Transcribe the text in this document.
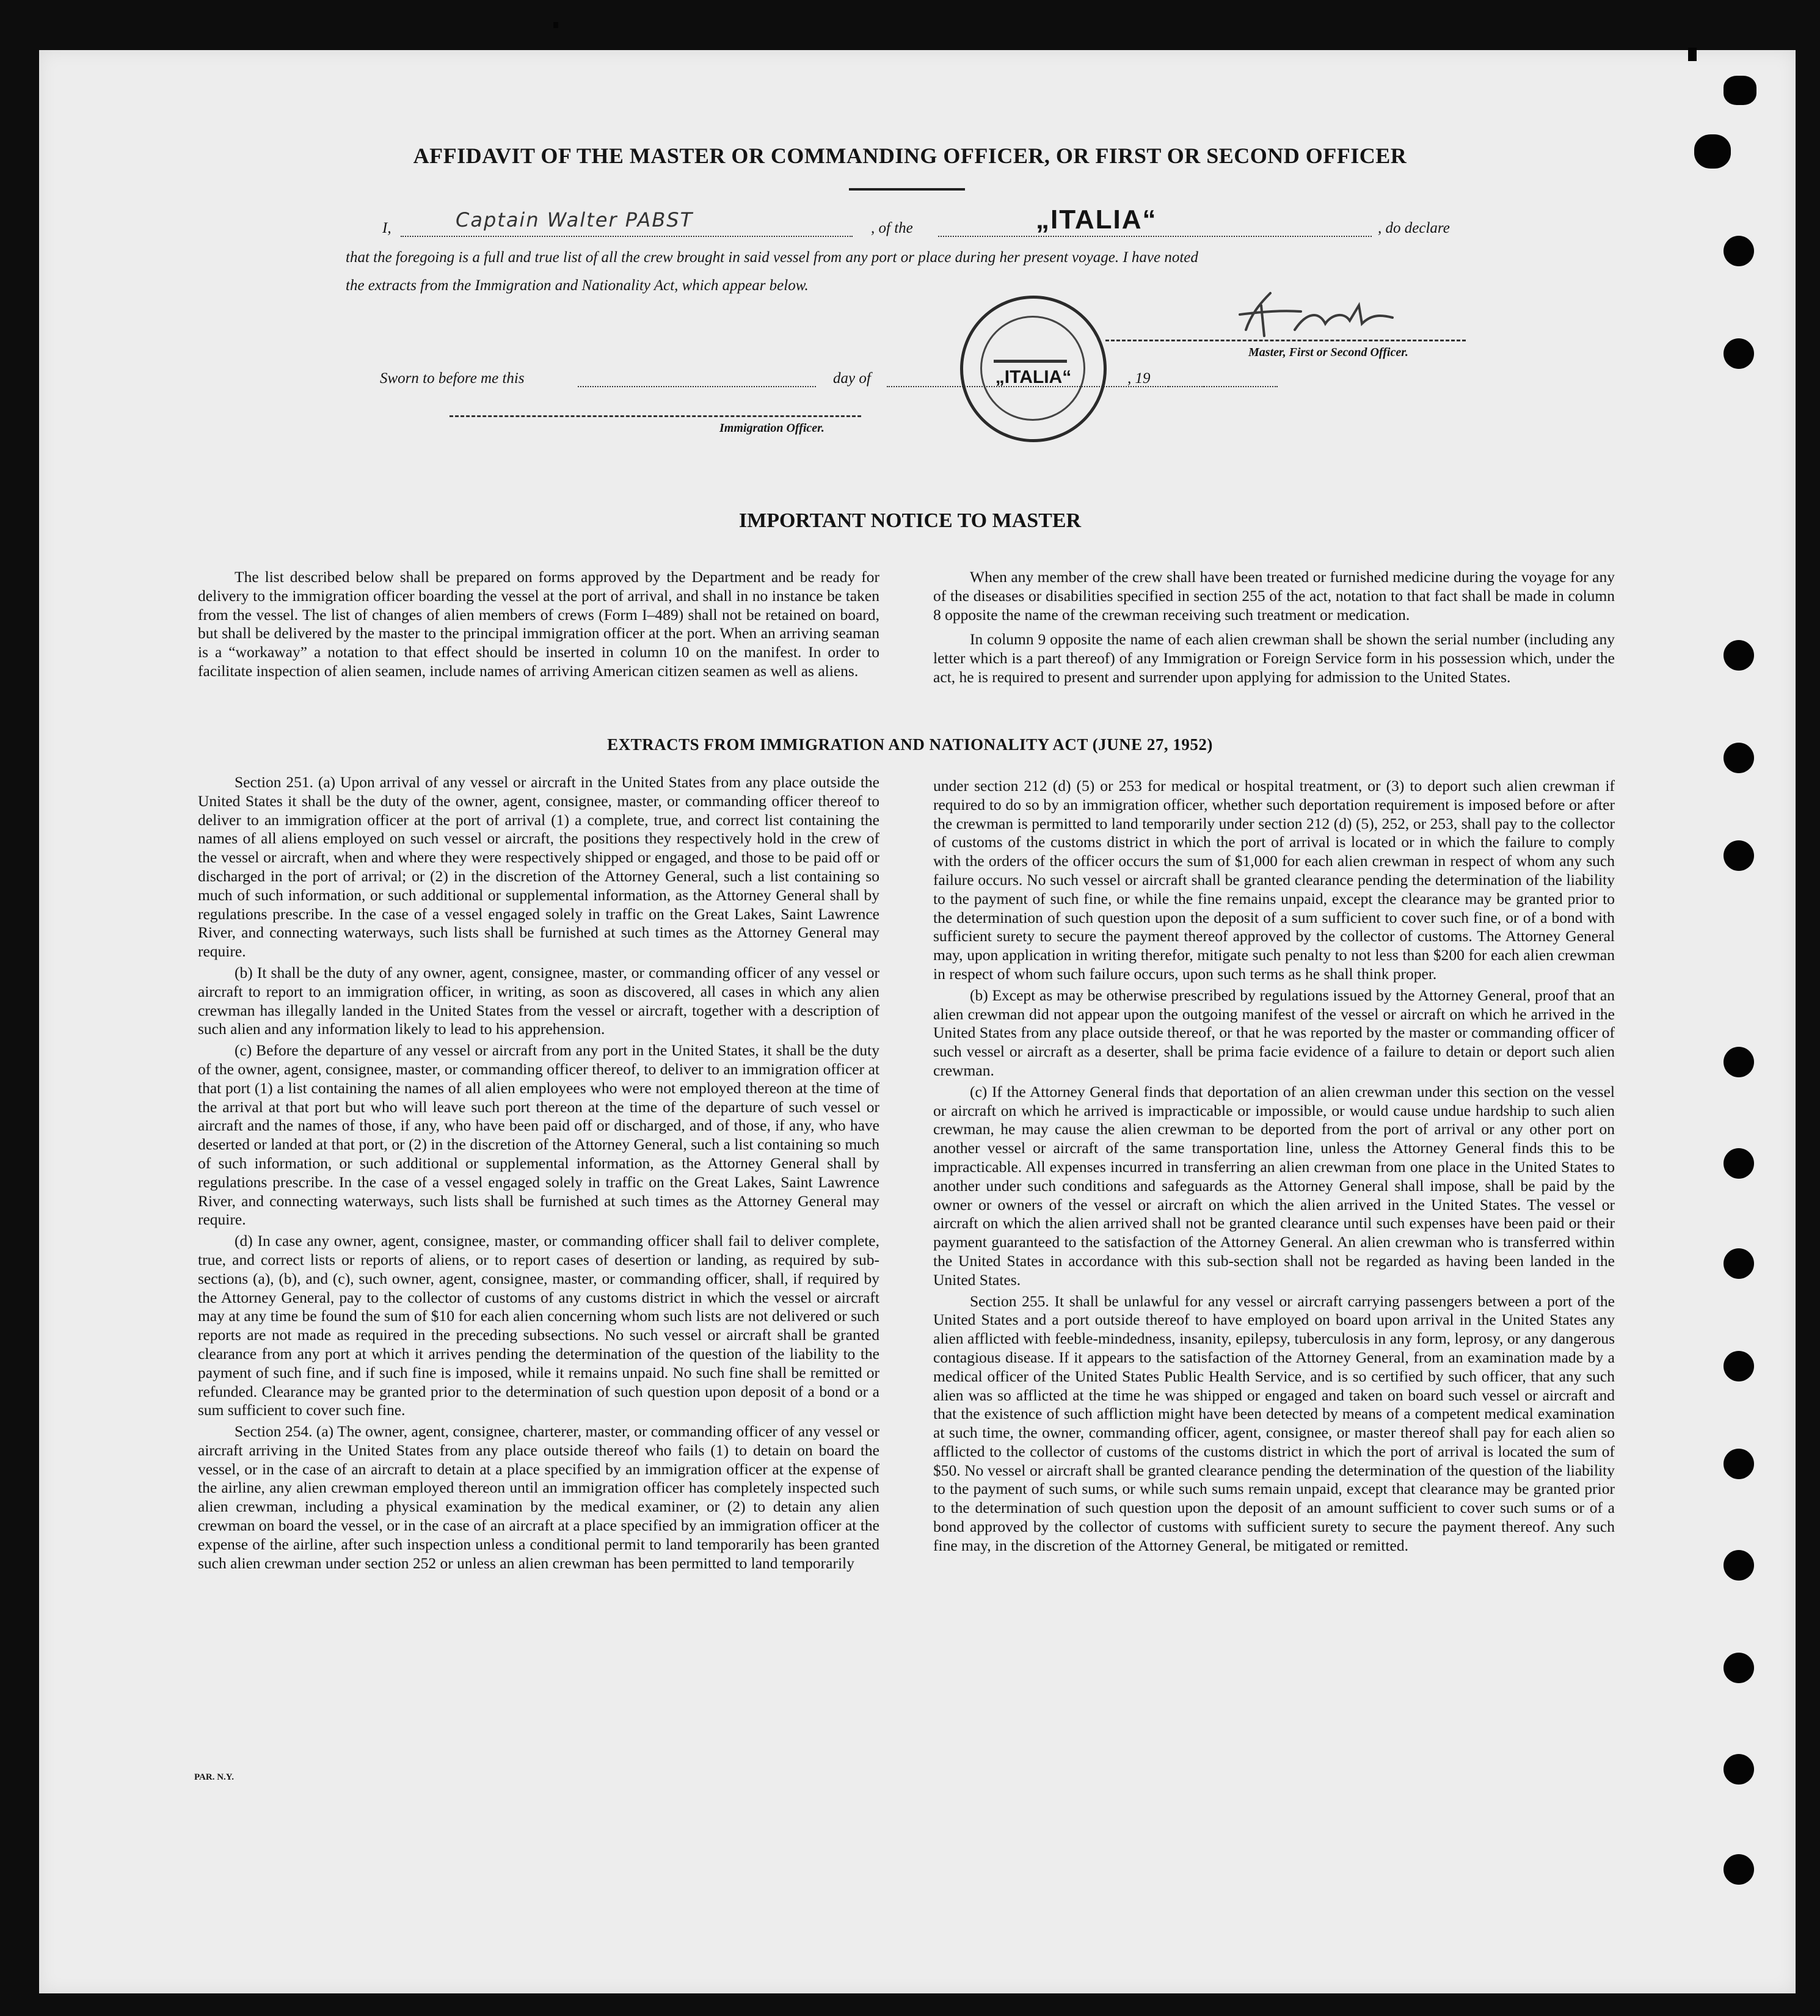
AFFIDAVIT OF THE MASTER OR COMMANDING OFFICER, OR FIRST OR SECOND OFFICER
I,	Captain Walter PABST	, of the	„ITALIA“	, do declare
that the foregoing is a full and true list of all the crew brought in said vessel from any port or place during her present voyage. I have noted
the extracts from the Immigration and Nationality Act, which appear below.
Master, First or Second Officer.
„ITALIA“
Sworn to before me this	day of	, 19
Immigration Officer.
IMPORTANT NOTICE TO MASTER

The list described below shall be prepared on forms approved by the Department and be ready for delivery to the immigration officer boarding the vessel at the port of arrival, and shall in no instance be taken from the vessel. The list of changes of alien members of crews (Form I–489) shall not be retained on board, but shall be delivered by the master to the principal immigration officer at the port. When an arriving seaman is a “workaway” a notation to that effect should be inserted in column 10 on the manifest. In order to facilitate inspection of alien seamen, include names of arriving American citizen seamen as well as aliens.

When any member of the crew shall have been treated or furnished medicine during the voyage for any of the diseases or disabilities specified in section 255 of the act, notation to that fact shall be made in column 8 opposite the name of the crewman receiving such treatment or medication.

In column 9 opposite the name of each alien crewman shall be shown the serial number (including any letter which is a part thereof) of any Immigration or Foreign Service form in his possession which, under the act, he is required to present and surrender upon applying for admission to the United States.

EXTRACTS FROM IMMIGRATION AND NATIONALITY ACT (JUNE 27, 1952)

Section 251. (a) Upon arrival of any vessel or aircraft in the United States from any place outside the United States it shall be the duty of the owner, agent, consignee, master, or commanding officer thereof to deliver to an immigration officer at the port of arrival (1) a complete, true, and correct list containing the names of all aliens employed on such vessel or aircraft, the positions they respectively hold in the crew of the vessel or aircraft, when and where they were respectively shipped or engaged, and those to be paid off or discharged in the port of arrival; or (2) in the discretion of the Attorney General, such a list containing so much of such information, or such additional or supplemental information, as the Attorney General shall by regulations prescribe. In the case of a vessel engaged solely in traffic on the Great Lakes, Saint Lawrence River, and connecting waterways, such lists shall be furnished at such times as the Attorney General may require.

(b) It shall be the duty of any owner, agent, consignee, master, or commanding officer of any vessel or aircraft to report to an immigration officer, in writing, as soon as discovered, all cases in which any alien crewman has illegally landed in the United States from the vessel or aircraft, together with a description of such alien and any information likely to lead to his apprehension.

(c) Before the departure of any vessel or aircraft from any port in the United States, it shall be the duty of the owner, agent, consignee, master, or commanding officer thereof, to deliver to an immigration officer at that port (1) a list containing the names of all alien employees who were not employed thereon at the time of the arrival at that port but who will leave such port thereon at the time of the departure of such vessel or aircraft and the names of those, if any, who have been paid off or discharged, and of those, if any, who have deserted or landed at that port, or (2) in the discretion of the Attorney General, such a list containing so much of such information, or such additional or supplemental information, as the Attorney General shall by regulations prescribe. In the case of a vessel engaged solely in traffic on the Great Lakes, Saint Lawrence River, and connecting waterways, such lists shall be furnished at such times as the Attorney General may require.

(d) In case any owner, agent, consignee, master, or commanding officer shall fail to deliver complete, true, and correct lists or reports of aliens, or to report cases of desertion or landing, as required by sub-sections (a), (b), and (c), such owner, agent, consignee, master, or commanding officer, shall, if required by the Attorney General, pay to the collector of customs of any customs district in which the vessel or aircraft may at any time be found the sum of $10 for each alien concerning whom such lists are not delivered or such reports are not made as required in the preceding subsections. No such vessel or aircraft shall be granted clearance from any port at which it arrives pending the determination of the question of the liability to the payment of such fine, and if such fine is imposed, while it remains unpaid. No such fine shall be remitted or refunded. Clearance may be granted prior to the determination of such question upon deposit of a bond or a sum sufficient to cover such fine.

Section 254. (a) The owner, agent, consignee, charterer, master, or commanding officer of any vessel or aircraft arriving in the United States from any place outside thereof who fails (1) to detain on board the vessel, or in the case of an aircraft to detain at a place specified by an immigration officer at the expense of the airline, any alien crewman employed thereon until an immigration officer has completely inspected such alien crewman, including a physical examination by the medical examiner, or (2) to detain any alien crewman on board the vessel, or in the case of an aircraft at a place specified by an immigration officer at the expense of the airline, after such inspection unless a conditional permit to land temporarily has been granted such alien crewman under section 252 or unless an alien crewman has been permitted to land temporarily

under section 212 (d) (5) or 253 for medical or hospital treatment, or (3) to deport such alien crewman if required to do so by an immigration officer, whether such deportation requirement is imposed before or after the crewman is permitted to land temporarily under section 212 (d) (5), 252, or 253, shall pay to the collector of customs of the customs district in which the port of arrival is located or in which the failure to comply with the orders of the officer occurs the sum of $1,000 for each alien crewman in respect of whom any such failure occurs. No such vessel or aircraft shall be granted clearance pending the determination of the liability to the payment of such fine, or while the fine remains unpaid, except the clearance may be granted prior to the determination of such question upon the deposit of a sum sufficient to cover such fine, or of a bond with sufficient surety to secure the payment thereof approved by the collector of customs. The Attorney General may, upon application in writing therefor, mitigate such penalty to not less than $200 for each alien crewman in respect of whom such failure occurs, upon such terms as he shall think proper.

(b) Except as may be otherwise prescribed by regulations issued by the Attorney General, proof that an alien crewman did not appear upon the outgoing manifest of the vessel or aircraft on which he arrived in the United States from any place outside thereof, or that he was reported by the master or commanding officer of such vessel or aircraft as a deserter, shall be prima facie evidence of a failure to detain or deport such alien crewman.

(c) If the Attorney General finds that deportation of an alien crewman under this section on the vessel or aircraft on which he arrived is impracticable or impossible, or would cause undue hardship to such alien crewman, he may cause the alien crewman to be deported from the port of arrival or any other port on another vessel or aircraft of the same transportation line, unless the Attorney General finds this to be impracticable. All expenses incurred in transferring an alien crewman from one place in the United States to another under such conditions and safeguards as the Attorney General shall impose, shall be paid by the owner or owners of the vessel or aircraft on which the alien arrived in the United States. The vessel or aircraft on which the alien arrived shall not be granted clearance until such expenses have been paid or their payment guaranteed to the satisfaction of the Attorney General. An alien crewman who is transferred within the United States in accordance with this sub-section shall not be regarded as having been landed in the United States.

Section 255. It shall be unlawful for any vessel or aircraft carrying passengers between a port of the United States and a port outside thereof to have employed on board upon arrival in the United States any alien afflicted with feeble-mindedness, insanity, epilepsy, tuberculosis in any form, leprosy, or any dangerous contagious disease. If it appears to the satisfaction of the Attorney General, from an examination made by a medical officer of the United States Public Health Service, and is so certified by such officer, that any such alien was so afflicted at the time he was shipped or engaged and taken on board such vessel or aircraft and that the existence of such affliction might have been detected by means of a competent medical examination at such time, the owner, commanding officer, agent, consignee, or master thereof shall pay for each alien so afflicted to the collector of customs of the customs district in which the port of arrival is located the sum of $50. No vessel or aircraft shall be granted clearance pending the determination of the question of the liability to the payment of such sums, or while such sums remain unpaid, except that clearance may be granted prior to the determination of such question upon the deposit of an amount sufficient to cover such sums or of a bond approved by the collector of customs with sufficient surety to secure the payment thereof. Any such fine may, in the discretion of the Attorney General, be mitigated or remitted.

PAR. N.Y.
